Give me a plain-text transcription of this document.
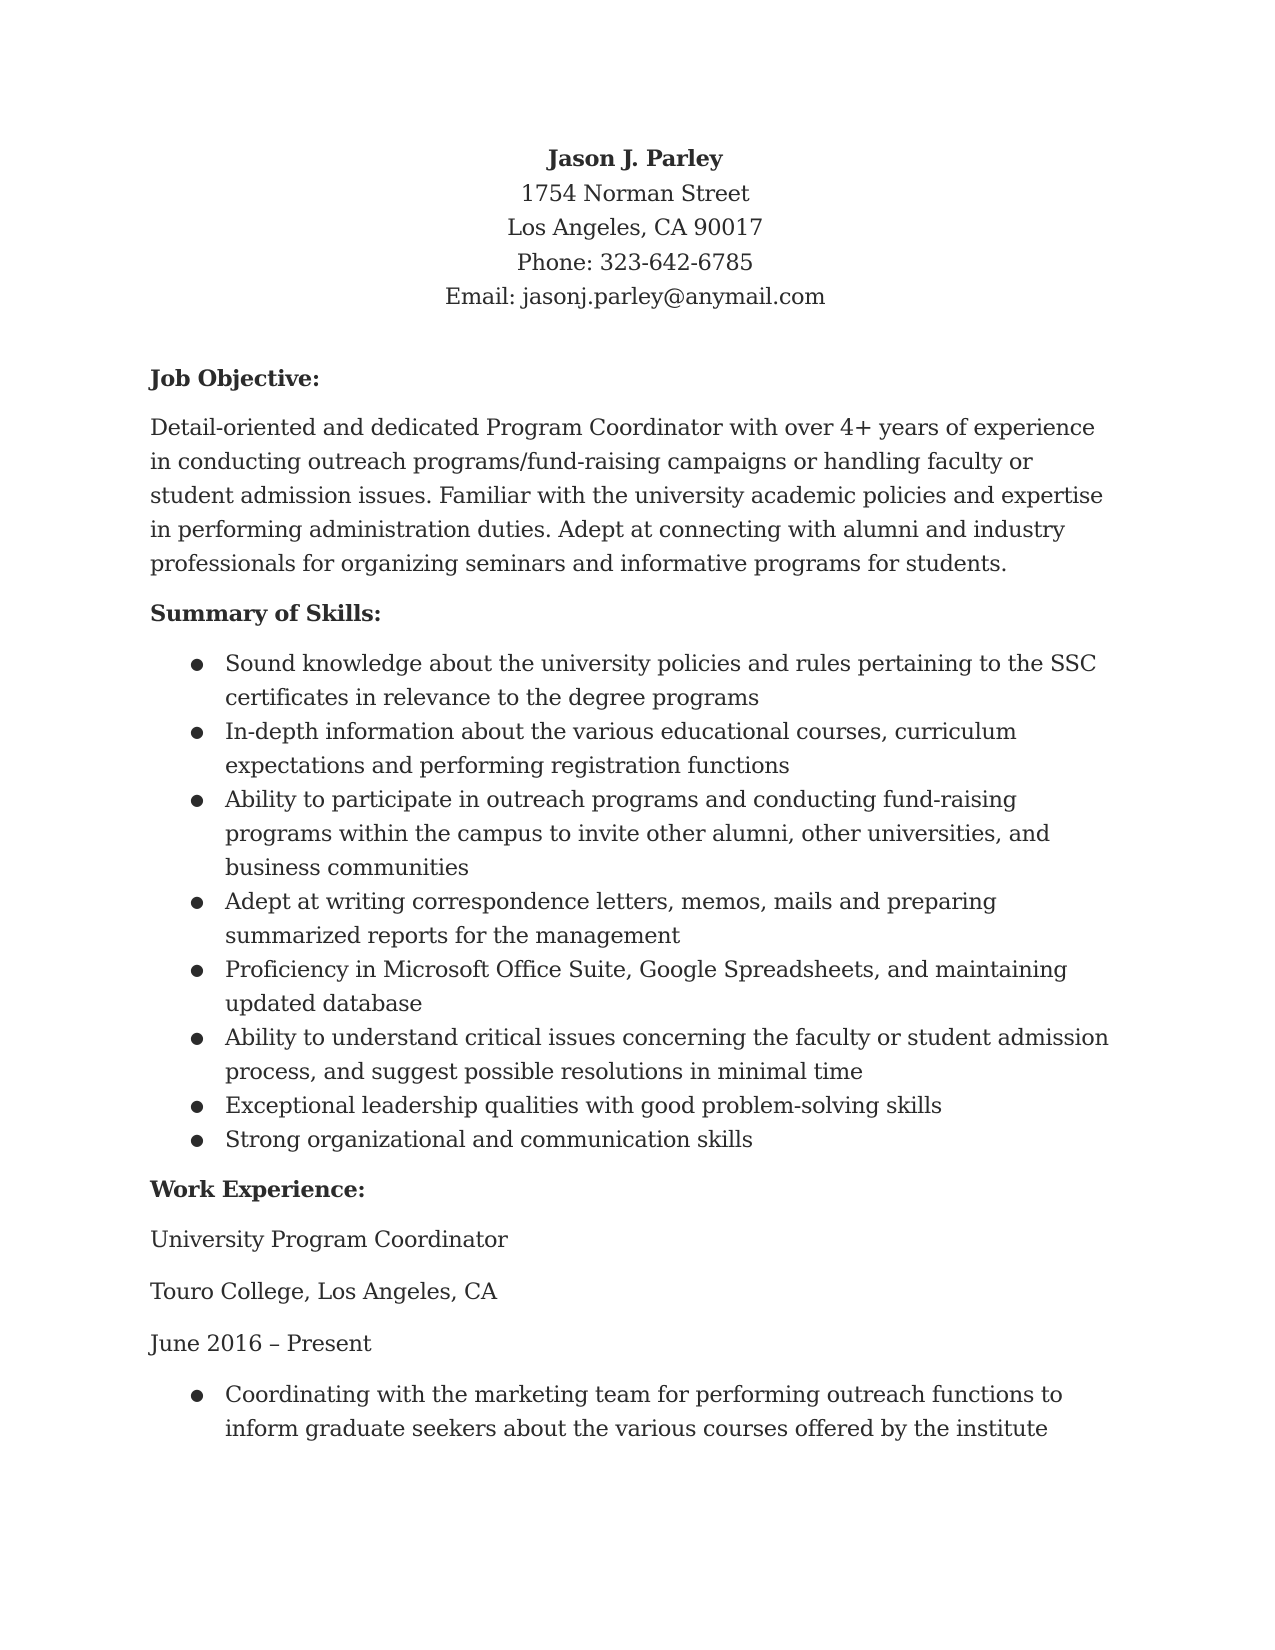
Jason J. Parley
1754 Norman Street
Los Angeles, CA 90017
Phone: 323-642-6785
Email: jasonj.parley@anymail.com
Job Objective:

Detail-oriented and dedicated Program Coordinator with over 4+ years of experience in conducting outreach programs/fund-raising campaigns or handling faculty or student admission issues. Familiar with the university academic policies and expertise in performing administration duties. Adept at connecting with alumni and industry professionals for organizing seminars and informative programs for students.

Summary of Skills:
● Sound knowledge about the university policies and rules pertaining to the SSC certificates in relevance to the degree programs
● In-depth information about the various educational courses, curriculum expectations and performing registration functions
● Ability to participate in outreach programs and conducting fund-raising programs within the campus to invite other alumni, other universities, and business communities
● Adept at writing correspondence letters, memos, mails and preparing summarized reports for the management
● Proficiency in Microsoft Office Suite, Google Spreadsheets, and maintaining updated database
● Ability to understand critical issues concerning the faculty or student admission process, and suggest possible resolutions in minimal time
● Exceptional leadership qualities with good problem-solving skills
● Strong organizational and communication skills
Work Experience:

University Program Coordinator

Touro College, Los Angeles, CA

June 2016 – Present

● Coordinating with the marketing team for performing outreach functions to inform graduate seekers about the various courses offered by the institute
